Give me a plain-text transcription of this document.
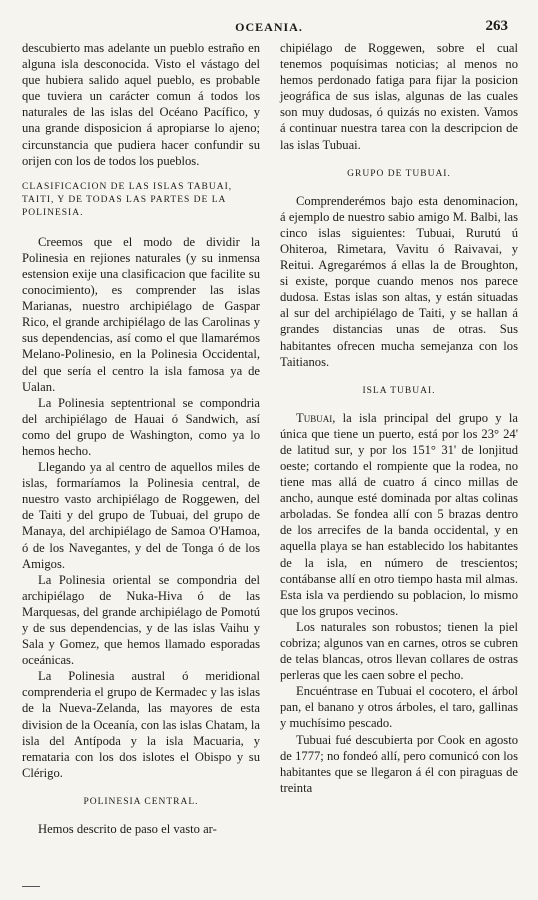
OCEANIA.	263

descubierto mas adelante un pueblo estraño en alguna isla desconocida. Visto el vástago del que hubiera salido aquel pueblo, es probable que tuviera un carácter comun á todos los naturales de las islas del Océano Pacífico, y una grande disposicion á apropiarse lo ajeno; circunstancia que pudiera hacer confundir su orijen con los de todos los pueblos.

CLASIFICACION DE LAS ISLAS TABUAI, TAITI, Y DE TODAS LAS PARTES DE LA POLINESIA.

Creemos que el modo de dividir la Polinesia en rejiones naturales (y su inmensa estension exije una clasificacion que facilite su conocimiento), es comprender las islas Marianas, nuestro archipiélago de Gaspar Rico, el grande archipiélago de las Carolinas y sus dependencias, así como el que llamarémos Melano-Polinesio, en la Polinesia Occidental, del que sería el centro la isla famosa ya de Ualan.

La Polinesia septentrional se compondria del archipiélago de Hauai ó Sandwich, así como del grupo de Washington, como ya lo hemos hecho.

Llegando ya al centro de aquellos miles de islas, formaríamos la Polinesia central, de nuestro vasto archipiélago de Roggewen, del de Taiti y del grupo de Tubuai, del grupo de Manaya, del archipiélago de Samoa O'Hamoa, ó de los Navegantes, y del de Tonga ó de los Amigos.

La Polinesia oriental se compondria del archipiélago de Nuka-Hiva ó de las Marquesas, del grande archipiélago de Pomotú y de sus dependencias, y de las islas Vaihu y Sala y Gomez, que hemos llamado esporadas oceánicas.

La Polinesia austral ó meridional comprenderia el grupo de Kermadec y las islas de la Nueva-Zelanda, las mayores de esta division de la Oceanía, con las islas Chatam, la isla del Antípoda y la isla Macuaria, y remataria con los dos islotes el Obispo y su Clérigo.

POLINESIA CENTRAL.

Hemos descrito de paso el vasto ar-

chipiélago de Roggewen, sobre el cual tenemos poquísimas noticias; al menos no hemos perdonado fatiga para fijar la posicion jeográfica de sus islas, algunas de las cuales son muy dudosas, ó quizás no existen. Vamos á continuar nuestra tarea con la descripcion de las islas Tubuai.

GRUPO DE TUBUAI.

Comprenderémos bajo esta denominacion, á ejemplo de nuestro sabio amigo M. Balbi, las cinco islas siguientes: Tubuai, Rurutú ú Ohiteroa, Rimetara, Vavitu ó Raivavai, y Reitui. Agregarémos á ellas la de Broughton, si existe, porque cuando menos nos parece dudosa. Estas islas son altas, y están situadas al sur del archipiélago de Taiti, y se hallan á grandes distancias unas de otras. Sus habitantes ofrecen mucha semejanza con los Taitianos.

ISLA TUBUAI.

Tubuai, la isla principal del grupo y la única que tiene un puerto, está por los 23° 24' de latitud sur, y por los 151° 31' de lonjitud oeste; cortando el rompiente que la rodea, no tiene mas allá de cuatro á cinco millas de ancho, aunque esté dominada por altas colinas arboladas. Se fondea allí con 5 brazas dentro de los arrecifes de la banda occidental, y en aquella playa se han establecido los habitantes de la isla, en número de trescientos; contábanse allí en otro tiempo hasta mil almas. Esta isla va perdiendo su poblacion, lo mismo que los grupos vecinos.

Los naturales son robustos; tienen la piel cobriza; algunos van en carnes, otros se cubren de telas blancas, otros llevan collares de ostras perleras que les caen sobre el pecho.

Encuéntrase en Tubuai el cocotero, el árbol pan, el banano y otros árboles, el taro, gallinas y muchísimo pescado.

Tubuai fué descubierta por Cook en agosto de 1777; no fondeó allí, pero comunicó con los habitantes que se llegaron á él con piraguas de treinta
